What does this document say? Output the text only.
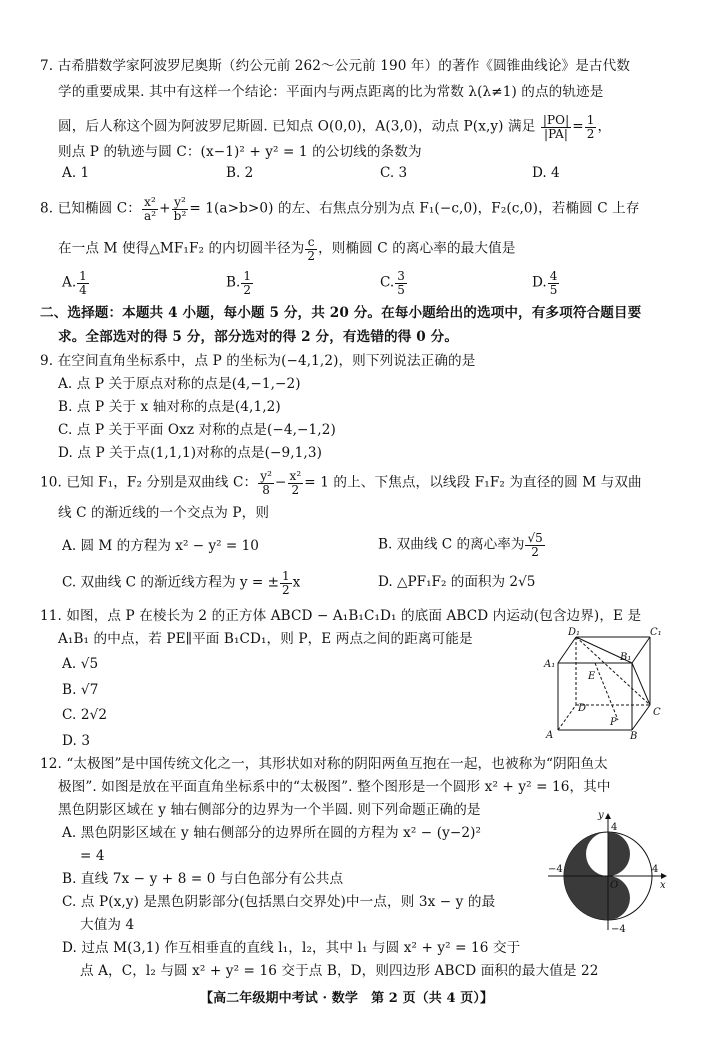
7. 古希腊数学家阿波罗尼奥斯（约公元前 262～公元前 190 年）的著作《圆锥曲线论》是古代数
学的重要成果. 其中有这样一个结论：平面内与两点距离的比为常数 λ(λ≠1) 的点的轨迹是
圆，后人称这个圆为阿波罗尼斯圆. 已知点 O(0,0)，A(3,0)，动点 P(x,y) 满足 $\frac{|PO|}{|PA|} = \frac{1}{2}$ ，
则点 P 的轨迹与圆 C：(x−1)² + y² = 1 的公切线的条数为
A. 1	B. 2	C. 3	D. 4
8. 已知椭圆 C： $\frac{\text{x²}}{\text{a²}} + \frac{\text{y²}}{\text{b²}} = 1(a>b>0)$ 的左、右焦点分别为点 F₁(−c,0)，F₂(c,0)，若椭圆 C 上存
在一点 M 使得△MF₁F₂ 的内切圆半径为 $\frac{c}{2}$ ，则椭圆 C 的离心率的最大值是
A. $\frac{1}{4}$	B. $\frac{1}{2}$	C. $\frac{3}{5}$	D. $\frac{4}{5}$
二、选择题：本题共 4 小题，每小题 5 分，共 20 分。在每小题给出的选项中，有多项符合题目要
求。全部选对的得 5 分，部分选对的得 2 分，有选错的得 0 分。
9. 在空间直角坐标系中，点 P 的坐标为(−4,1,2)，则下列说法正确的是
A. 点 P 关于原点对称的点是(4,−1,−2)
B. 点 P 关于 x 轴对称的点是(4,1,2)
C. 点 P 关于平面 Oxz 对称的点是(−4,−1,2)
D. 点 P 关于点(1,1,1)对称的点是(−9,1,3)
10. 已知 F₁，F₂ 分别是双曲线 C： $\frac{\text{y²}}{8} - \frac{\text{x²}}{2} = 1$ 的上、下焦点，以线段 F₁F₂ 为直径的圆 M 与双曲
线 C 的渐近线的一个交点为 P，则
A. 圆 M 的方程为 x² − y² = 10	B. 双曲线 C 的离心率为 $\frac{√5}{2}$
C. 双曲线 C 的渐近线方程为 y = ± $\frac{1}{2}$ x	D. △PF₁F₂ 的面积为 2√5
11. 如图，点 P 在棱长为 2 的正方体 ABCD − A₁B₁C₁D₁ 的底面 ABCD 内运动(包含边界)，E 是
A₁B₁ 的中点，若 PE∥平面 B₁CD₁，则 P，E 两点之间的距离可能是
A. √5
B. √7
C. 2√2
D. 3
D₁	C₁
A₁
B₁
E
D	C
A	B
P
12. “太极图”是中国传统文化之一，其形状如对称的阴阳两鱼互抱在一起，也被称为“阴阳鱼太
极图”. 如图是放在平面直角坐标系中的“太极图”. 整个图形是一个圆形 x² + y² = 16，其中
黑色阴影区域在 y 轴右侧部分的边界为一个半圆. 则下列命题正确的是
A. 黑色阴影区域在 y 轴右侧部分的边界所在圆的方程为 x² − (y−2)²
= 4
B. 直线 7x − y + 8 = 0 与白色部分有公共点
C. 点 P(x,y) 是黑色阴影部分(包括黑白交界处)中一点，则 3x − y 的最
大值为 4
D. 过点 M(3,1) 作互相垂直的直线 l₁，l₂，其中 l₁ 与圆 x² + y² = 16 交于
点 A，C，l₂ 与圆 x² + y² = 16 交于点 B，D，则四边形 ABCD 面积的最大值是 22
y
x
O
4
−4
−4	4
【高二年级期中考试 · 数学　第 2 页（共 4 页）】
